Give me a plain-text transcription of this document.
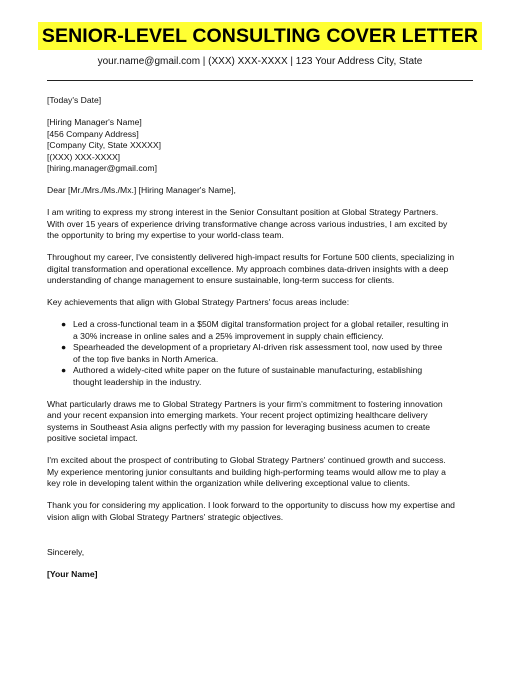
SENIOR-LEVEL CONSULTING COVER LETTER
your.name@gmail.com | (XXX) XXX-XXXX | 123 Your Address City, State

[Today's Date]

[Hiring Manager's Name]
[456 Company Address]
[Company City, State XXXXX]
[(XXX) XXX-XXXX]
[hiring.manager@gmail.com]

Dear [Mr./Mrs./Ms./Mx.] [Hiring Manager's Name],

I am writing to express my strong interest in the Senior Consultant position at Global Strategy Partners.
With over 15 years of experience driving transformative change across various industries, I am excited by
the opportunity to bring my expertise to your world-class team.
Throughout my career, I've consistently delivered high-impact results for Fortune 500 clients, specializing in
digital transformation and operational excellence. My approach combines data-driven insights with a deep
understanding of change management to ensure sustainable, long-term success for clients.

Key achievements that align with Global Strategy Partners' focus areas include:

● Led a cross-functional team in a $50M digital transformation project for a global retailer, resulting in
a 30% increase in online sales and a 25% improvement in supply chain efficiency.
● Spearheaded the development of a proprietary AI-driven risk assessment tool, now used by three
of the top five banks in North America.
● Authored a widely-cited white paper on the future of sustainable manufacturing, establishing
thought leadership in the industry.
What particularly draws me to Global Strategy Partners is your firm's commitment to fostering innovation
and your recent expansion into emerging markets. Your recent project optimizing healthcare delivery
systems in Southeast Asia aligns perfectly with my passion for leveraging business acumen to create
positive societal impact.
I'm excited about the prospect of contributing to Global Strategy Partners' continued growth and success.
My experience mentoring junior consultants and building high-performing teams would allow me to play a
key role in developing talent within the organization while delivering exceptional value to clients.
Thank you for considering my application. I look forward to the opportunity to discuss how my expertise and
vision align with Global Strategy Partners' strategic objectives.

Sincerely,

[Your Name]
